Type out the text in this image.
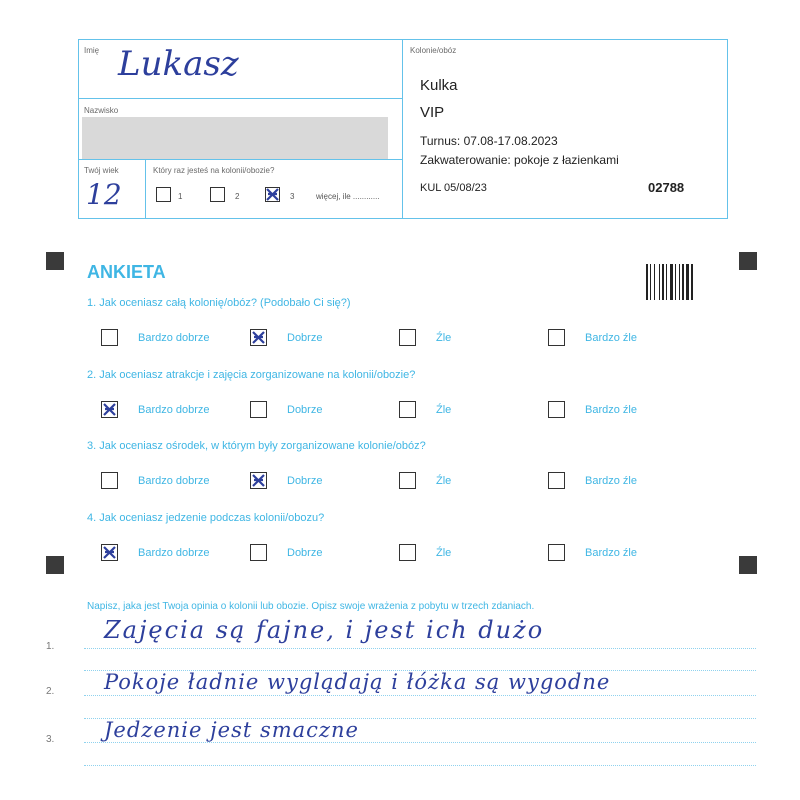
Imię Lukasz
Nazwisko
Twój wiek
12
Który raz jesteś na kolonii/obozie?
1	2	3	więcej, ile ............
Kolonie/obóz
Kulka
VIP
Turnus: 07.08-17.08.2023
Zakwaterowanie: pokoje z łazienkami
KUL 05/08/23	02788
ANKIETA
1. Jak oceniasz całą kolonię/obóz? (Podobało Ci się?)
2. Jak oceniasz atrakcje i zajęcia zorganizowane na kolonii/obozie?
3. Jak oceniasz ośrodek, w którym były zorganizowane kolonie/obóz?
4. Jak oceniasz jedzenie podczas kolonii/obozu?
Bardzo dobrze	Dobrze	Źle	Bardzo źle
Bardzo dobrze	Dobrze	Źle	Bardzo źle
Bardzo dobrze	Dobrze	Źle	Bardzo źle
Bardzo dobrze	Dobrze	Źle	Bardzo źle
Napisz, jaka jest Twoja opinia o kolonii lub obozie. Opisz swoje wrażenia z pobytu w trzech zdaniach.
1.
2.
3.
Zajęcia są fajne, i jest ich dużo
Pokoje ładnie wyglądają i łóżka są wygodne
Jedzenie jest smaczne
